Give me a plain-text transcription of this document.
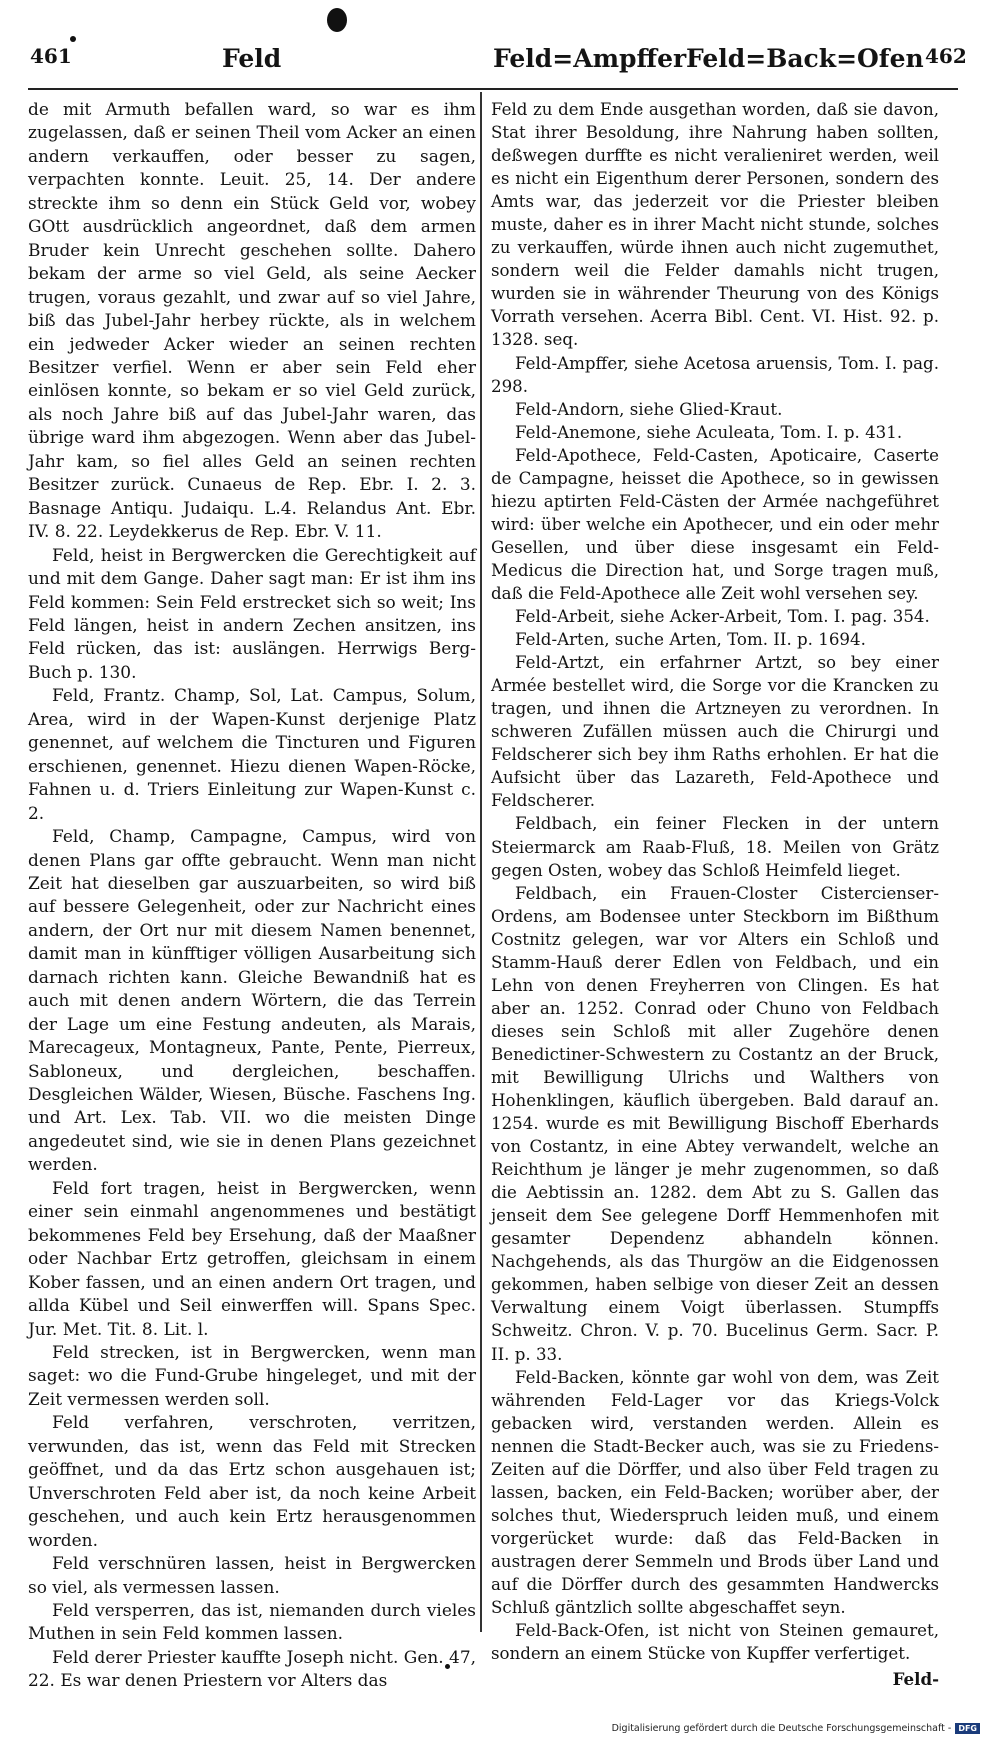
461	Feld	Feld=Ampffer Feld=Back=Ofen 462

de mit Armuth befallen ward, so war es ihm zugelassen, daß er seinen Theil vom Acker an einen andern verkauffen, oder besser zu sagen, verpachten konnte. Leuit. 25, 14. Der andere streckte ihm so denn ein Stück Geld vor, wobey GOtt ausdrücklich angeordnet, daß dem armen Bruder kein Unrecht geschehen sollte. Dahero bekam der arme so viel Geld, als seine Aecker trugen, voraus gezahlt, und zwar auf so viel Jahre, biß das Jubel-Jahr herbey rückte, als in welchem ein jedweder Acker wieder an seinen rechten Besitzer verfiel. Wenn er aber sein Feld eher einlösen konnte, so bekam er so viel Geld zurück, als noch Jahre biß auf das Jubel-Jahr waren, das übrige ward ihm abgezogen. Wenn aber das Jubel-Jahr kam, so fiel alles Geld an seinen rechten Besitzer zurück. Cunaeus de Rep. Ebr. I. 2. 3. Basnage Antiqu. Judaiqu. L.4. Relandus Ant. Ebr. IV. 8. 22. Leydekkerus de Rep. Ebr. V. 11.

Feld, heist in Bergwercken die Gerechtigkeit auf und mit dem Gange. Daher sagt man: Er ist ihm ins Feld kommen: Sein Feld erstrecket sich so weit; Ins Feld längen, heist in andern Zechen ansitzen, ins Feld rücken, das ist: auslängen. Herrwigs Berg-Buch p. 130.

Feld, Frantz. Champ, Sol, Lat. Campus, Solum, Area, wird in der Wapen-Kunst derjenige Platz genennet, auf welchem die Tincturen und Figuren erschienen, genennet. Hiezu dienen Wapen-Röcke, Fahnen u. d. Triers Einleitung zur Wapen-Kunst c. 2.

Feld, Champ, Campagne, Campus, wird von denen Plans gar offte gebraucht. Wenn man nicht Zeit hat dieselben gar auszuarbeiten, so wird biß auf bessere Gelegenheit, oder zur Nachricht eines andern, der Ort nur mit diesem Namen benennet, damit man in künfftiger völligen Ausarbeitung sich darnach richten kann. Gleiche Bewandniß hat es auch mit denen andern Wörtern, die das Terrein der Lage um eine Festung andeuten, als Marais, Marecageux, Montagneux, Pante, Pente, Pierreux, Sabloneux, und dergleichen, beschaffen. Desgleichen Wälder, Wiesen, Büsche. Faschens Ing. und Art. Lex. Tab. VII. wo die meisten Dinge angedeutet sind, wie sie in denen Plans gezeichnet werden.

Feld fort tragen, heist in Bergwercken, wenn einer sein einmahl angenommenes und bestätigt bekommenes Feld bey Ersehung, daß der Maaßner oder Nachbar Ertz getroffen, gleichsam in einem Kober fassen, und an einen andern Ort tragen, und allda Kübel und Seil einwerffen will. Spans Spec. Jur. Met. Tit. 8. Lit. l.

Feld strecken, ist in Bergwercken, wenn man saget: wo die Fund-Grube hingeleget, und mit der Zeit vermessen werden soll.

Feld verfahren, verschroten, verritzen, verwunden, das ist, wenn das Feld mit Strecken geöffnet, und da das Ertz schon ausgehauen ist; Unverschroten Feld aber ist, da noch keine Arbeit geschehen, und auch kein Ertz herausgenommen worden.

Feld verschnüren lassen, heist in Bergwercken so viel, als vermessen lassen.

Feld versperren, das ist, niemanden durch vieles Muthen in sein Feld kommen lassen.

Feld derer Priester kauffte Joseph nicht. Gen. 47, 22. Es war denen Priestern vor Alters das

Feld zu dem Ende ausgethan worden, daß sie davon, Stat ihrer Besoldung, ihre Nahrung haben sollten, deßwegen durffte es nicht veralieniret werden, weil es nicht ein Eigenthum derer Personen, sondern des Amts war, das jederzeit vor die Priester bleiben muste, daher es in ihrer Macht nicht stunde, solches zu verkauffen, würde ihnen auch nicht zugemuthet, sondern weil die Felder damahls nicht trugen, wurden sie in währender Theurung von des Königs Vorrath versehen. Acerra Bibl. Cent. VI. Hist. 92. p. 1328. seq.

Feld-Ampffer, siehe Acetosa aruensis, Tom. I. pag. 298.

Feld-Andorn, siehe Glied-Kraut.

Feld-Anemone, siehe Aculeata, Tom. I. p. 431.

Feld-Apothece, Feld-Casten, Apoticaire, Caserte de Campagne, heisset die Apothece, so in gewissen hiezu aptirten Feld-Cästen der Armée nachgeführet wird: über welche ein Apothecer, und ein oder mehr Gesellen, und über diese insgesamt ein Feld-Medicus die Direction hat, und Sorge tragen muß, daß die Feld-Apothece alle Zeit wohl versehen sey.

Feld-Arbeit, siehe Acker-Arbeit, Tom. I. pag. 354.

Feld-Arten, suche Arten, Tom. II. p. 1694.

Feld-Artzt, ein erfahrner Artzt, so bey einer Armée bestellet wird, die Sorge vor die Krancken zu tragen, und ihnen die Artzneyen zu verordnen. In schweren Zufällen müssen auch die Chirurgi und Feldscherer sich bey ihm Raths erhohlen. Er hat die Aufsicht über das Lazareth, Feld-Apothece und Feldscherer.

Feldbach, ein feiner Flecken in der untern Steiermarck am Raab-Fluß, 18. Meilen von Grätz gegen Osten, wobey das Schloß Heimfeld lieget.

Feldbach, ein Frauen-Closter Cistercienser-Ordens, am Bodensee unter Steckborn im Bißthum Costnitz gelegen, war vor Alters ein Schloß und Stamm-Hauß derer Edlen von Feldbach, und ein Lehn von denen Freyherren von Clingen. Es hat aber an. 1252. Conrad oder Chuno von Feldbach dieses sein Schloß mit aller Zugehöre denen Benedictiner-Schwestern zu Costantz an der Bruck, mit Bewilligung Ulrichs und Walthers von Hohenklingen, käuflich übergeben. Bald darauf an. 1254. wurde es mit Bewilligung Bischoff Eberhards von Costantz, in eine Abtey verwandelt, welche an Reichthum je länger je mehr zugenommen, so daß die Aebtissin an. 1282. dem Abt zu S. Gallen das jenseit dem See gelegene Dorff Hemmenhofen mit gesamter Dependenz abhandeln können. Nachgehends, als das Thurgöw an die Eidgenossen gekommen, haben selbige von dieser Zeit an dessen Verwaltung einem Voigt überlassen. Stumpffs Schweitz. Chron. V. p. 70. Bucelinus Germ. Sacr. P. II. p. 33.

Feld-Backen, könnte gar wohl von dem, was Zeit währenden Feld-Lager vor das Kriegs-Volck gebacken wird, verstanden werden. Allein es nennen die Stadt-Becker auch, was sie zu Friedens-Zeiten auf die Dörffer, und also über Feld tragen zu lassen, backen, ein Feld-Backen; worüber aber, der solches thut, Wiederspruch leiden muß, und einem vorgerücket wurde: daß das Feld-Backen in austragen derer Semmeln und Brods über Land und auf die Dörffer durch des gesammten Handwercks Schluß gäntzlich sollte abgeschaffet seyn.

Feld-Back-Ofen, ist nicht von Steinen gemauret, sondern an einem Stücke von Kupffer verfertiget.

Feld-

Digitalisierung gefördert durch die Deutsche Forschungsgemeinschaft - DFG
